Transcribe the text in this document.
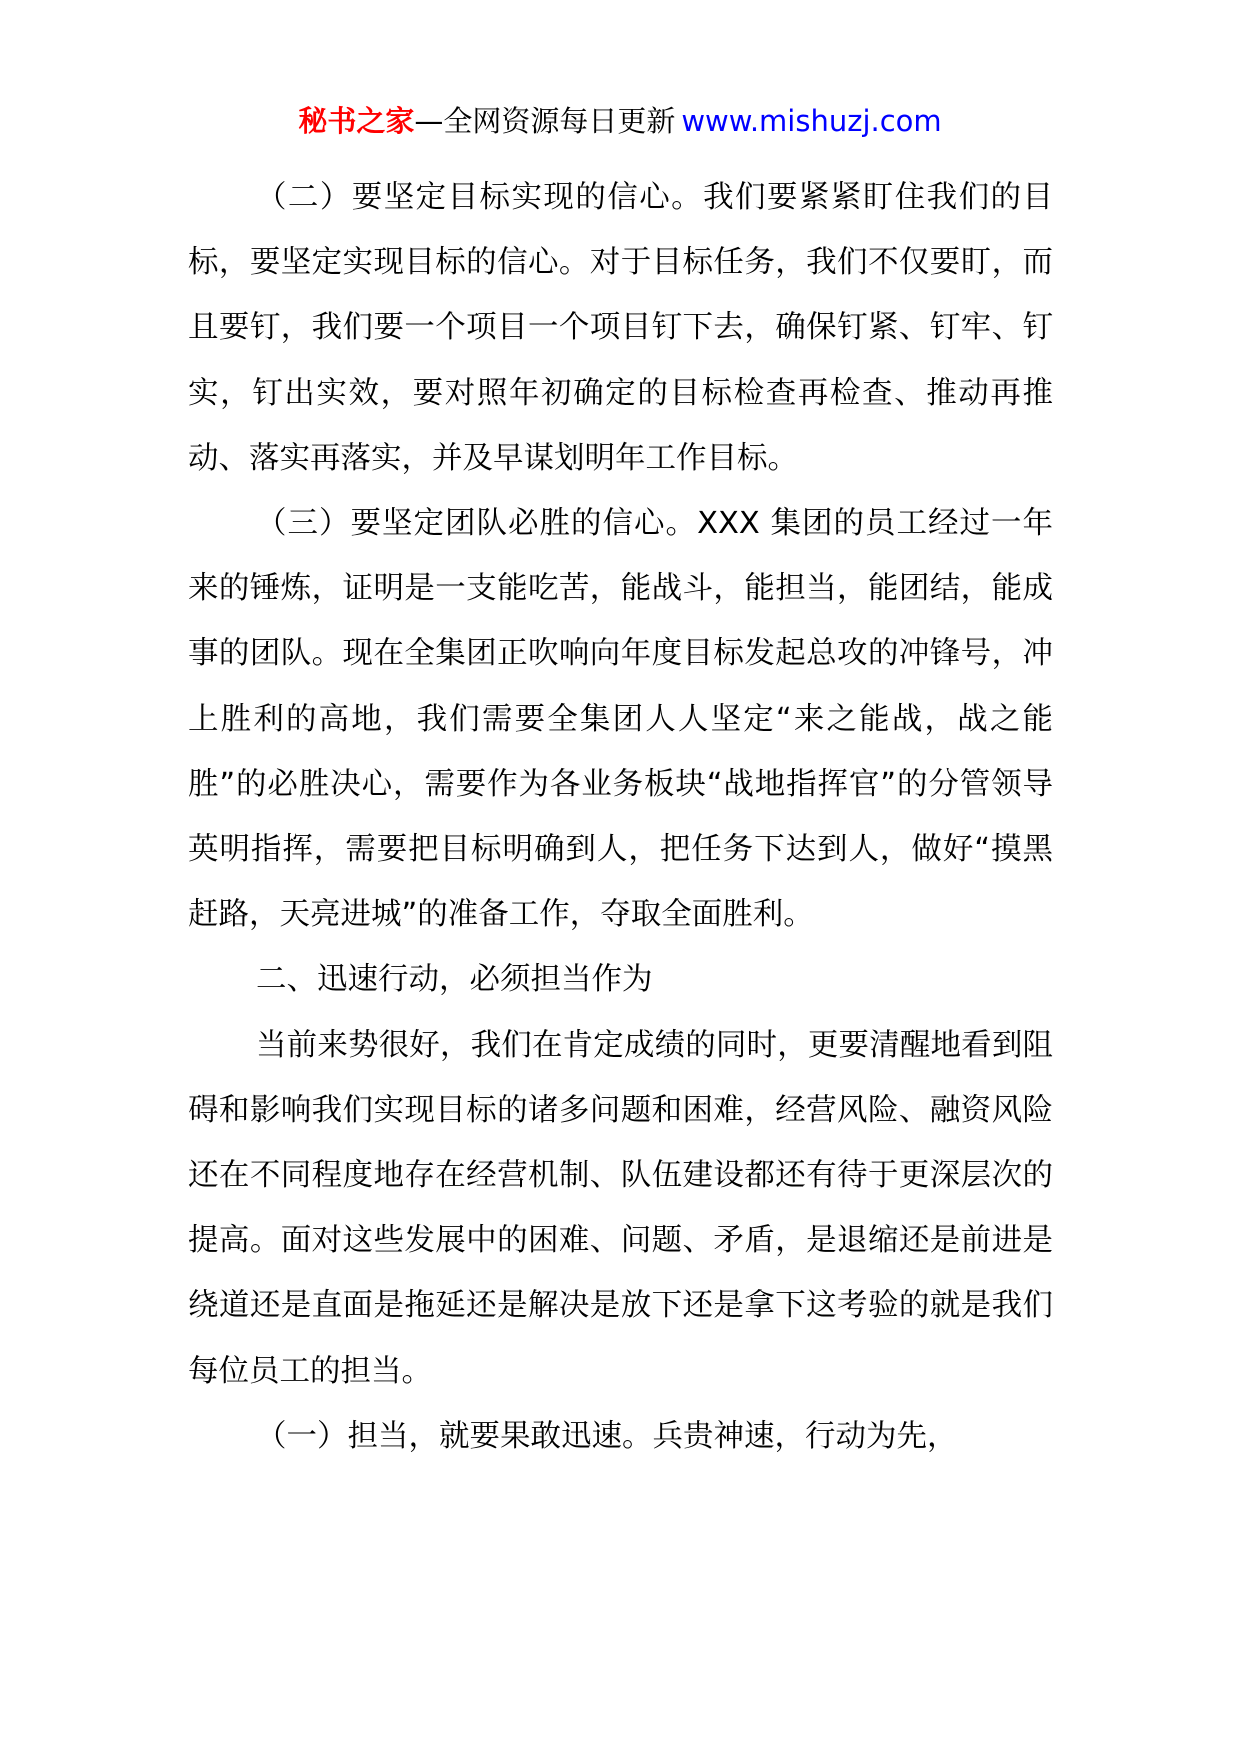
秘书之家—全网资源每日更新 www.mishuzj.com

（二）要坚定目标实现的信心。我们要紧紧盯住我们的目标，要坚定实现目标的信心。对于目标任务，我们不仅要盯，而且要钉，我们要一个项目一个项目钉下去，确保钉紧、钉牢、钉实，钉出实效，要对照年初确定的目标检查再检查、推动再推动、落实再落实，并及早谋划明年工作目标。

（三）要坚定团队必胜的信心。XXX 集团的员工经过一年来的锤炼，证明是一支能吃苦，能战斗，能担当，能团结，能成事的团队。现在全集团正吹响向年度目标发起总攻的冲锋号，冲上胜利的高地，我们需要全集团人人坚定“来之能战，战之能胜”的必胜决心，需要作为各业务板块“战地指挥官”的分管领导英明指挥，需要把目标明确到人，把任务下达到人，做好“摸黑赶路，天亮进城”的准备工作，夺取全面胜利。

二、迅速行动，必须担当作为

当前来势很好，我们在肯定成绩的同时，更要清醒地看到阻碍和影响我们实现目标的诸多问题和困难，经营风险、融资风险还在不同程度地存在经营机制、队伍建设都还有待于更深层次的提高。面对这些发展中的困难、问题、矛盾，是退缩还是前进是绕道还是直面是拖延还是解决是放下还是拿下这考验的就是我们每位员工的担当。

（一）担当，就要果敢迅速。兵贵神速，行动为先，
